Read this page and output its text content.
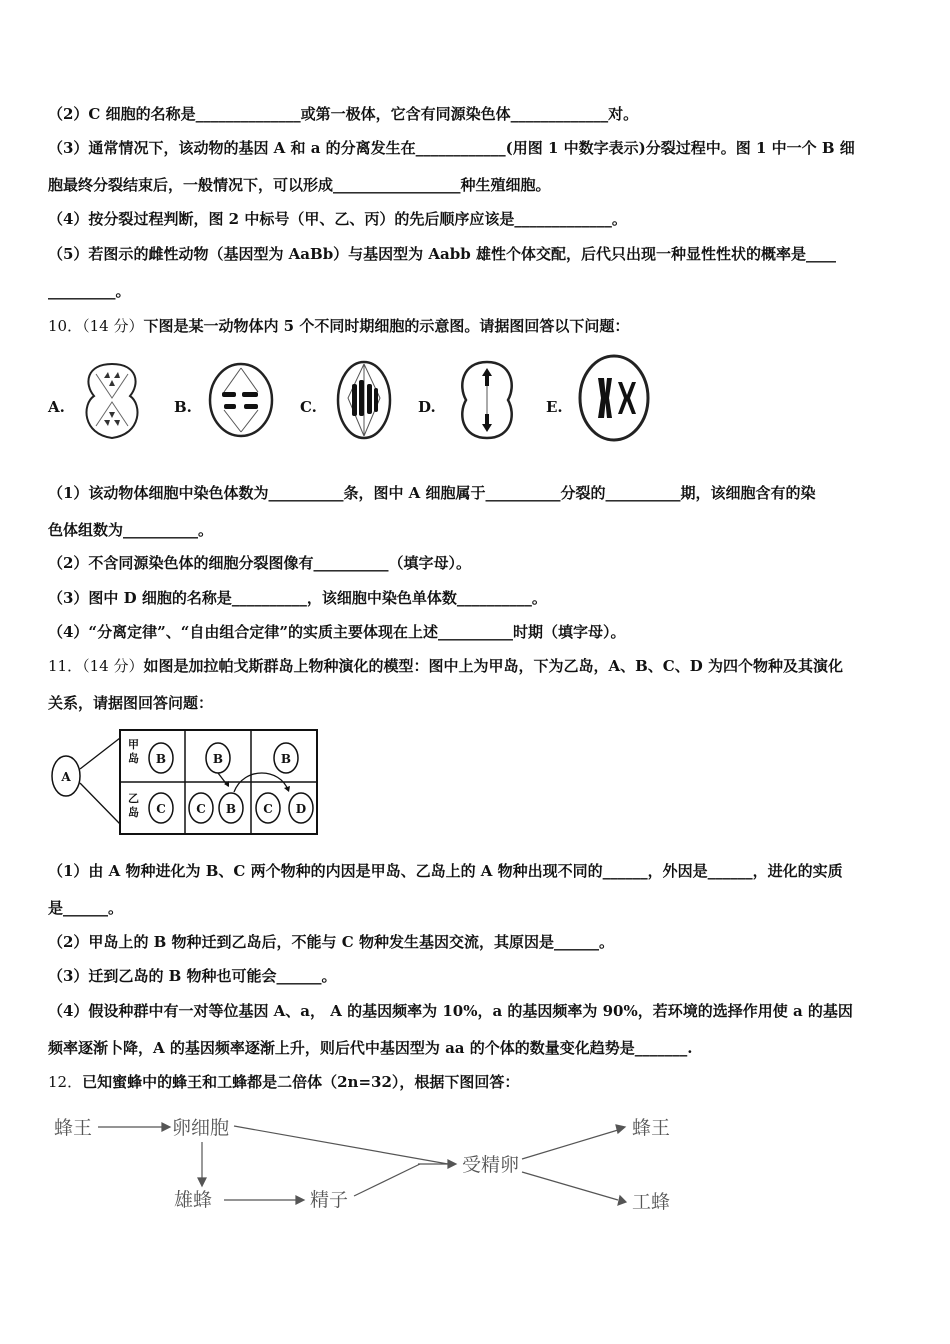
（2）C 细胞的名称是______________或第一极体，它含有同源染色体_____________对。
（3）通常情况下，该动物的基因 A 和 a 的分离发生在____________(用图 1 中数字表示)分裂过程中。图 1 中一个 B 细
胞最终分裂结束后，一般情况下，可以形成_________________种生殖细胞。
（4）按分裂过程判断，图 2 中标号（甲、乙、丙）的先后顺序应该是_____________。
（5）若图示的雌性动物（基因型为 AaBb）与基因型为 Aabb 雄性个体交配，后代只出现一种显性性状的概率是____
_________。
10．（14 分）下图是某一动物体内 5 个不同时期细胞的示意图。请据图回答以下问题：
A.	B.	C.	D.	E.
（1）该动物体细胞中染色体数为__________条，图中 A 细胞属于__________分裂的__________期，该细胞含有的染
色体组数为__________。
（2）不含同源染色体的细胞分裂图像有__________（填字母）。
（3）图中 D 细胞的名称是__________，该细胞中染色单体数__________。
（4）“分离定律”、“自由组合定律”的实质主要体现在上述__________时期（填字母）。
11．（14 分）如图是加拉帕戈斯群岛上物种演化的模型：图中上为甲岛，下为乙岛，A、B、C、D 为四个物种及其演化
关系，请据图回答问题：
A
甲
岛
乙
岛
B	B	B
C	C B C D
（1）由 A 物种进化为 B、C 两个物种的内因是甲岛、乙岛上的 A 物种出现不同的______，外因是______，进化的实质
是______。
（2）甲岛上的 B 物种迁到乙岛后，不能与 C 物种发生基因交流，其原因是______。
（3）迁到乙岛的 B 物种也可能会______。
（4）假设种群中有一对等位基因 A、a， A 的基因频率为 10%，a 的基因频率为 90%，若环境的选择作用使 a 的基因
频率逐渐卜降，A 的基因频率逐渐上升，则后代中基因型为 aa 的个体的数量变化趋势是_______.
12．已知蜜蜂中的蜂王和工蜂都是二倍体（2n=32），根据下图回答：
蜂王	卵细胞
雄蜂	精子
受精卵
蜂王
工蜂
